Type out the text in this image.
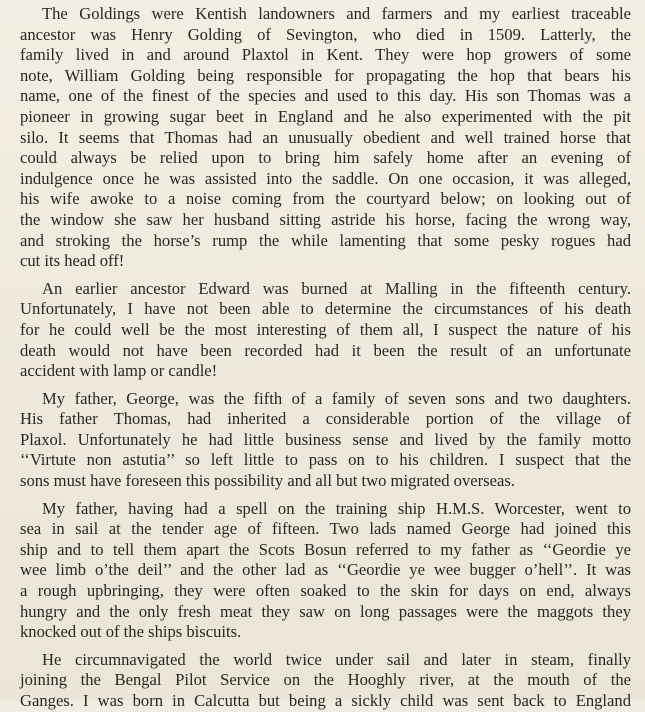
The Goldings were Kentish landowners and farmers and my earliest traceable
ancestor was Henry Golding of Sevington, who died in 1509. Latterly, the
family lived in and around Plaxtol in Kent. They were hop growers of some
note, William Golding being responsible for propagating the hop that bears his
name, one of the finest of the species and used to this day. His son Thomas was a
pioneer in growing sugar beet in England and he also experimented with the pit
silo. It seems that Thomas had an unusually obedient and well trained horse that
could always be relied upon to bring him safely home after an evening of
indulgence once he was assisted into the saddle. On one occasion, it was alleged,
his wife awoke to a noise coming from the courtyard below; on looking out of
the window she saw her husband sitting astride his horse, facing the wrong way,
and stroking the horse’s rump the while lamenting that some pesky rogues had
cut its head off!

An earlier ancestor Edward was burned at Malling in the fifteenth century.
Unfortunately, I have not been able to determine the circumstances of his death
for he could well be the most interesting of them all, I suspect the nature of his
death would not have been recorded had it been the result of an unfortunate
accident with lamp or candle!

My father, George, was the fifth of a family of seven sons and two daughters.
His father Thomas, had inherited a considerable portion of the village of
Plaxol. Unfortunately he had little business sense and lived by the family motto
‘‘Virtute non astutia’’ so left little to pass on to his children. I suspect that the
sons must have foreseen this possibility and all but two migrated overseas.

My father, having had a spell on the training ship H.M.S. Worcester, went to
sea in sail at the tender age of fifteen. Two lads named George had joined this
ship and to tell them apart the Scots Bosun referred to my father as ‘‘Geordie ye
wee limb o’the deil’’ and the other lad as ‘‘Geordie ye wee bugger o’hell’’. It was
a rough upbringing, they were often soaked to the skin for days on end, always
hungry and the only fresh meat they saw on long passages were the maggots they
knocked out of the ships biscuits.

He circumnavigated the world twice under sail and later in steam, finally
joining the Bengal Pilot Service on the Hooghly river, at the mouth of the
Ganges. I was born in Calcutta but being a sickly child was sent back to England
